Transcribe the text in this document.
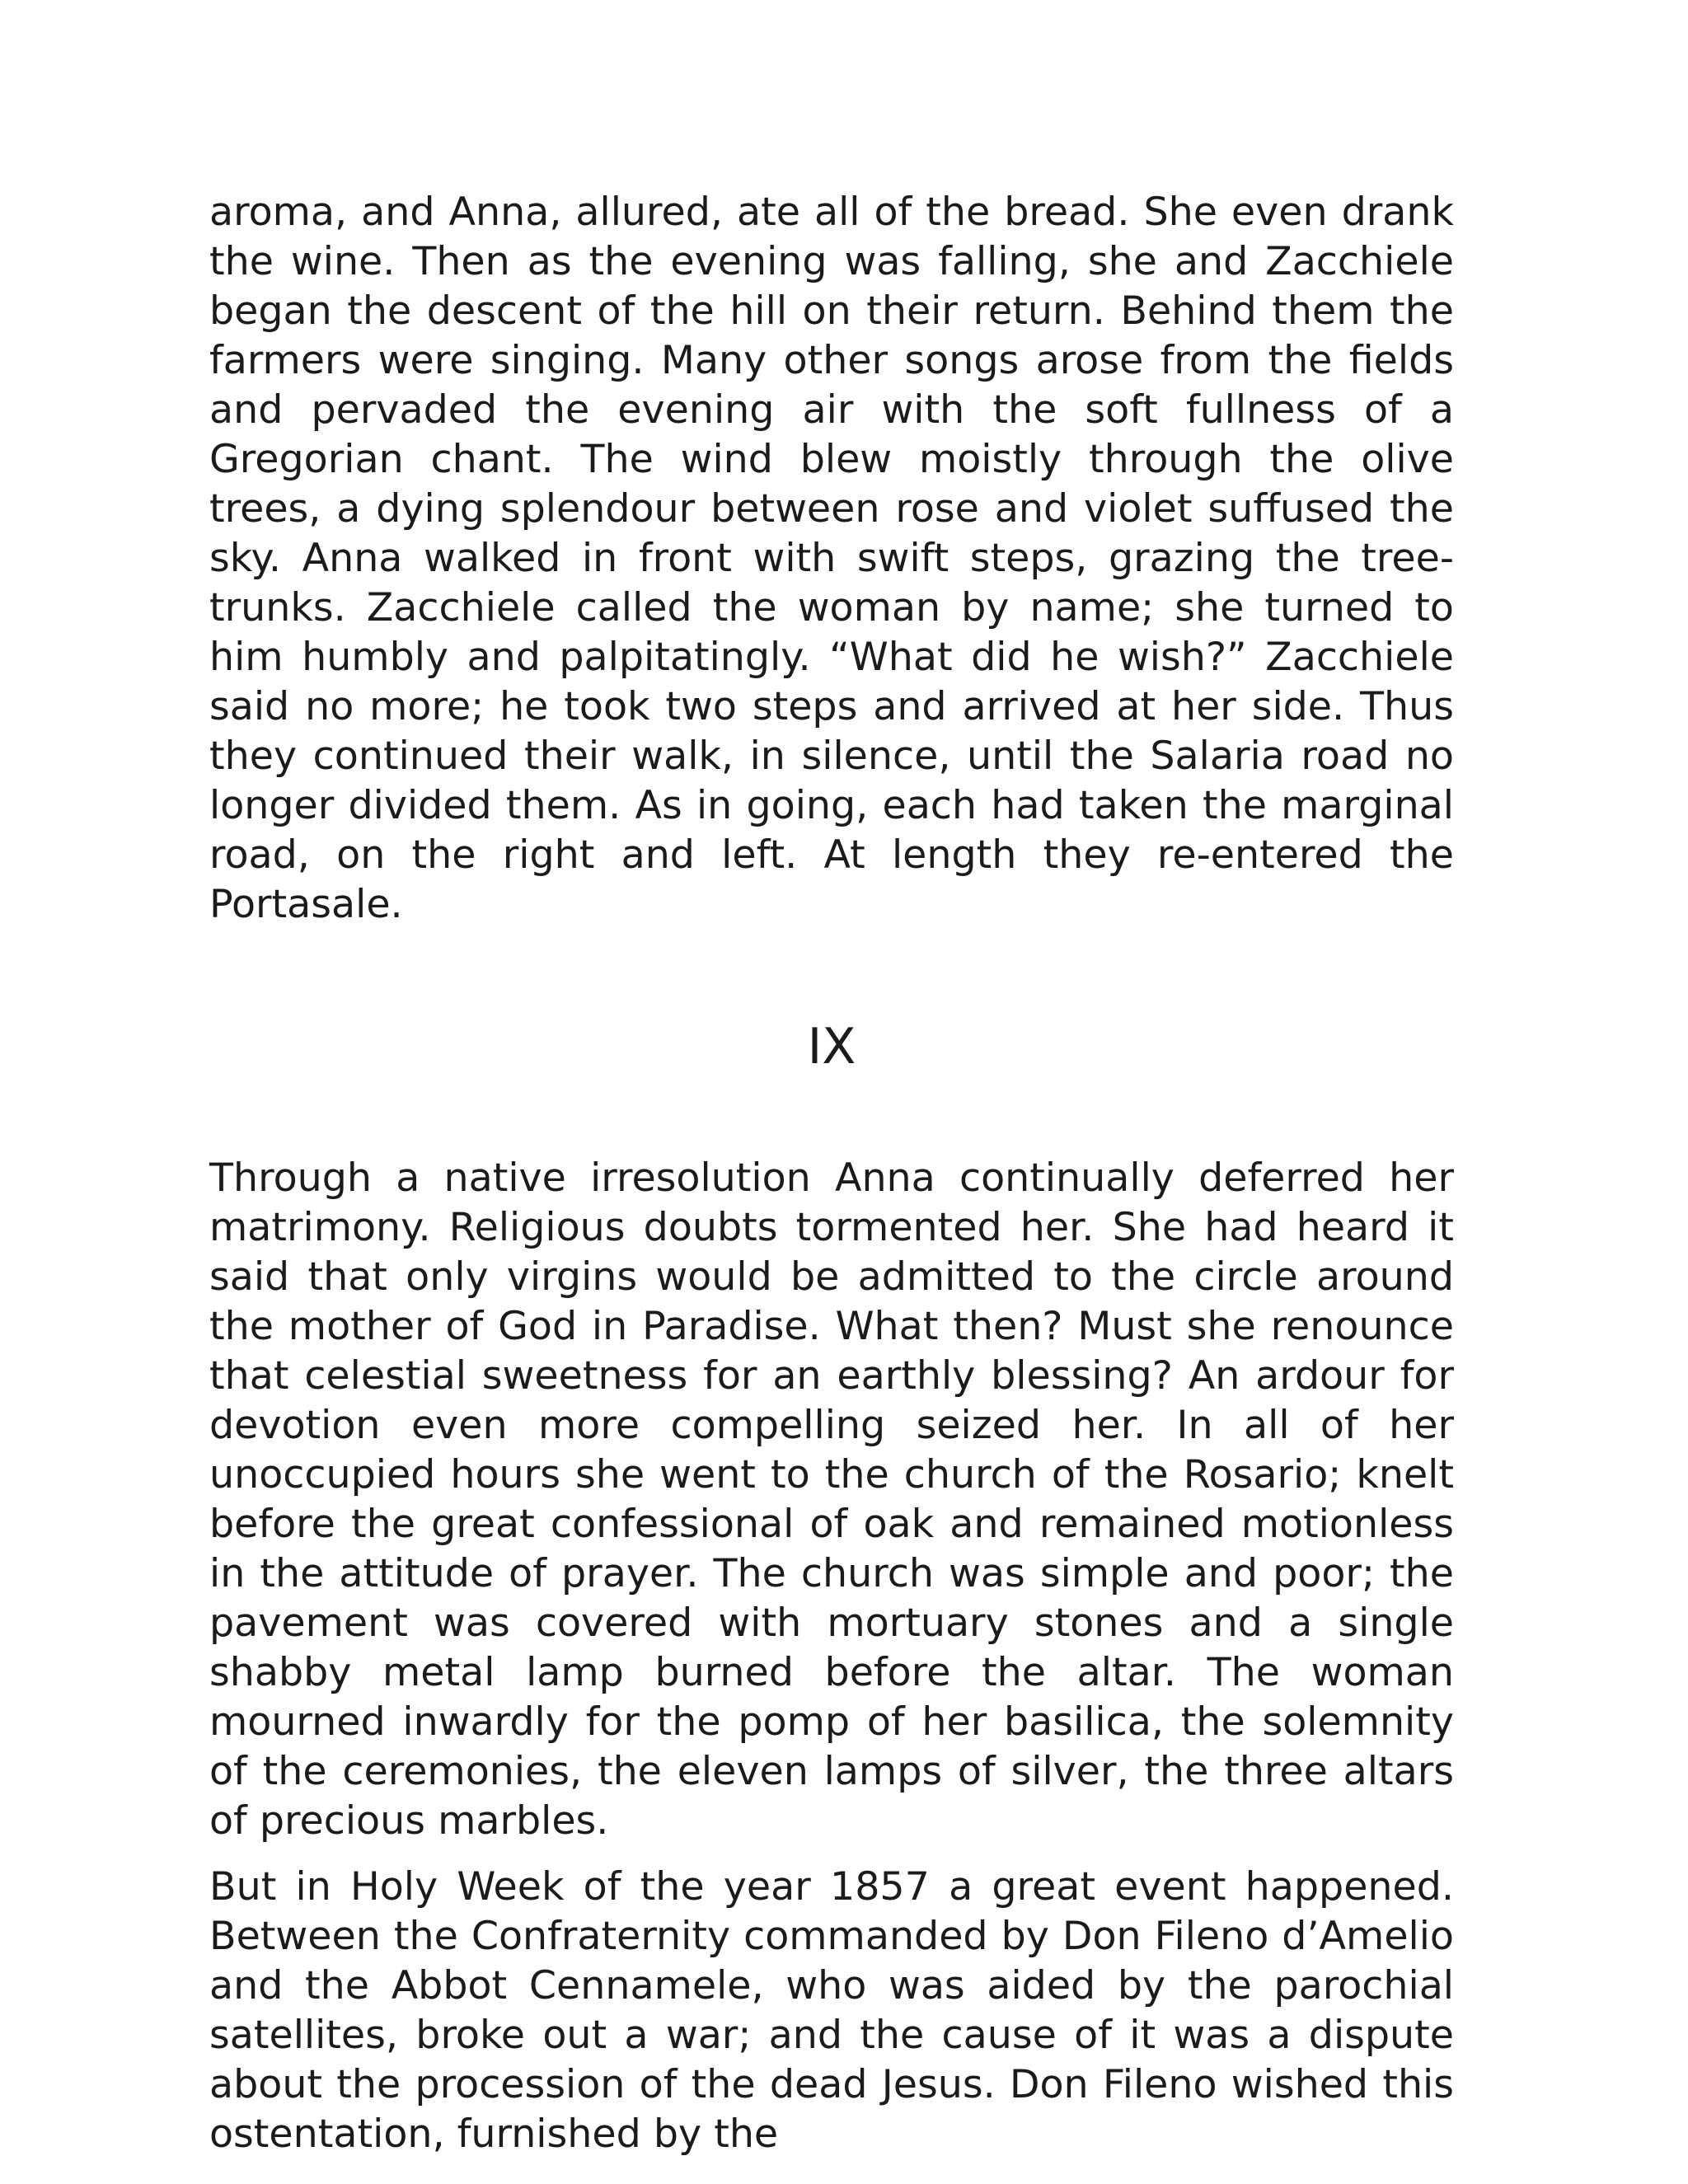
aroma, and Anna, allured, ate all of the bread. She even drank the wine. Then as the evening was falling, she and Zacchiele began the descent of the hill on their return. Behind them the farmers were singing. Many other songs arose from the fields and pervaded the evening air with the soft fullness of a Gregorian chant. The wind blew moistly through the olive trees, a dying splendour between rose and violet suffused the sky. Anna walked in front with swift steps, grazing the tree-trunks. Zacchiele called the woman by name; she turned to him humbly and palpitatingly. “What did he wish?” Zacchiele said no more; he took two steps and arrived at her side. Thus they continued their walk, in silence, until the Salaria road no longer divided them. As in going, each had taken the marginal road, on the right and left. At length they re-entered the Portasale.

IX

Through a native irresolution Anna continually deferred her matrimony. Religious doubts tormented her. She had heard it said that only virgins would be admitted to the circle around the mother of God in Paradise. What then? Must she renounce that celestial sweetness for an earthly blessing? An ardour for devotion even more compelling seized her. In all of her unoccupied hours she went to the church of the Rosario; knelt before the great confessional of oak and remained motionless in the attitude of prayer. The church was simple and poor; the pavement was covered with mortuary stones and a single shabby metal lamp burned before the altar. The woman mourned inwardly for the pomp of her basilica, the solemnity of the ceremonies, the eleven lamps of silver, the three altars of precious marbles.

But in Holy Week of the year 1857 a great event happened. Between the Confraternity commanded by Don Fileno d’Amelio and the Abbot Cennamele, who was aided by the parochial satellites, broke out a war; and the cause of it was a dispute about the procession of the dead Jesus. Don Fileno wished this ostentation, furnished by the
